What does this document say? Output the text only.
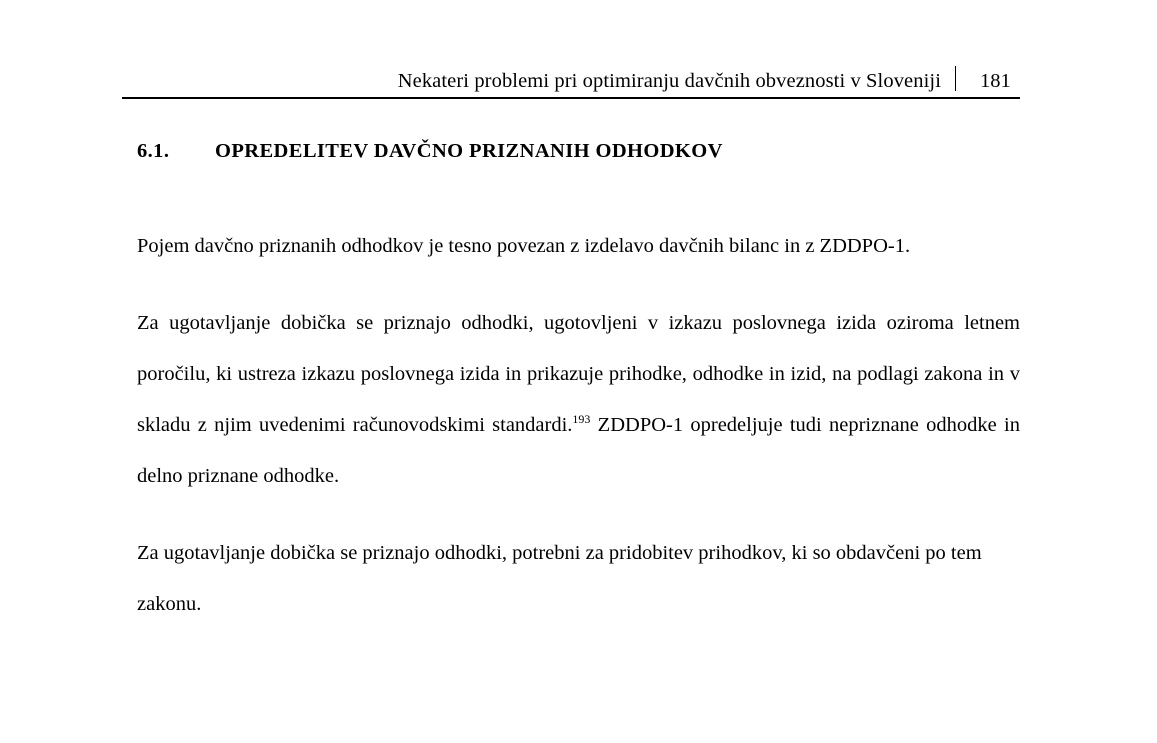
Nekateri problemi pri optimiranju davčnih obveznosti v Sloveniji 181
6.1.	OPREDELITEV DAVČNO PRIZNANIH ODHODKOV

Pojem davčno priznanih odhodkov je tesno povezan z izdelavo davčnih bilanc in z ZDDPO-1.

Za ugotavljanje dobička se priznajo odhodki, ugotovljeni v izkazu poslovnega izida oziroma letnem poročilu, ki ustreza izkazu poslovnega izida in prikazuje prihodke, odhodke in izid, na podlagi zakona in v skladu z njim uvedenimi računovodskimi standardi.$^{193}$ ZDDPO-1 opredeljuje tudi nepriznane odhodke in delno priznane odhodke.

Za ugotavljanje dobička se priznajo odhodki, potrebni za pridobitev prihodkov, ki so obdavčeni po tem zakonu.
